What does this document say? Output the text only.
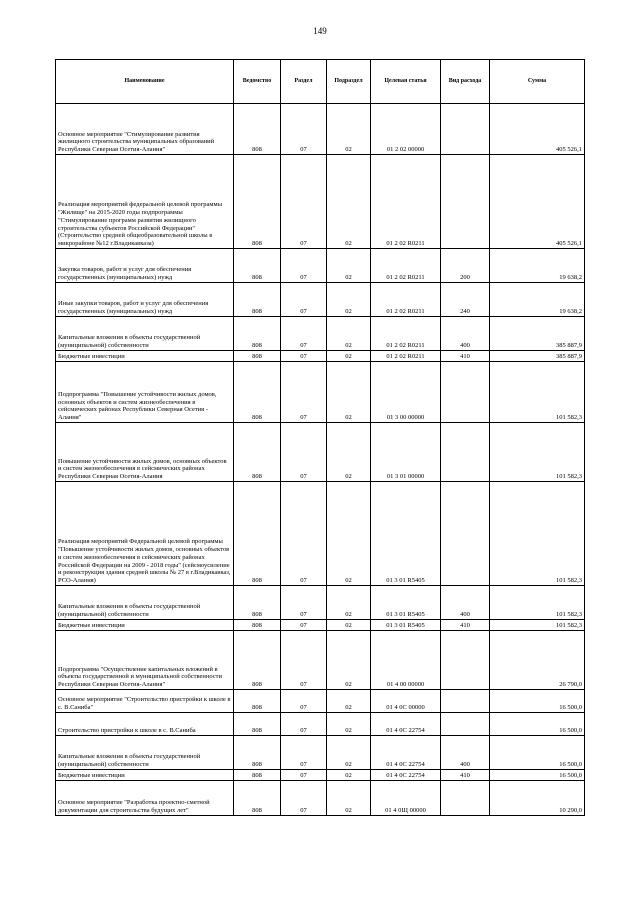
149
Наименование	Ведомство	Раздел	Подраздел	Целевая статья	Вид расхода	Сумма
Основное мероприятие "Стимулирование развития жилищного строительства муниципальных образований Республики Северная Осетия-Алания"	808	07	02	01 2 02 00000		405 526,1
Реализация мероприятий федеральной целевой программы "Жилище" на 2015-2020 годы подпрограммы "Стимулирование программ развития жилищного строительства субъектов Российской Федерации" (Строительство средней общеобразовательной школы в микрорайоне №12 г.Владикавказа)	808	07	02	01 2 02 R0211		405 526,1
Закупка товаров, работ и услуг для обеспечения государственных (муниципальных) нужд	808	07	02	01 2 02 R0211	200	19 638,2
Иные закупки товаров, работ и услуг для обеспечения государственных (муниципальных) нужд	808	07	02	01 2 02 R0211	240	19 638,2
Капитальные вложения в объекты государственной (муниципальной) собственности	808	07	02	01 2 02 R0211	400	385 887,9
Бюджетные инвестиции	808	07	02	01 2 02 R0211	410	385 887,9
Подпрограмма "Повышение устойчивости жилых домов, основных объектов и систем жизнеобеспечения в сейсмических районах Республики Северная Осетия - Алания"	808	07	02	01 3 00 00000		101 582,3
Повышение устойчивости жилых домов, основных объектов и систем жизнеобеспечения в сейсмических районах Республики Северная Осетия-Алания	808	07	02	01 3 01 00000		101 582,3
Реализация мероприятий Федеральной целевой программы "Повышение устойчивости жилых домов, основных объектов и систем жизнеобеспечения в сейсмических районах Российской Федерации на 2009 - 2018 годы" (сейсмоусиление и реконструкция здания средней школы № 27 в г.Владикавказ, РСО-Алания)	808	07	02	01 3 01 R5405		101 582,3
Капитальные вложения в объекты государственной (муниципальной) собственности	808	07	02	01 3 01 R5405	400	101 582,3
Бюджетные инвестиции	808	07	02	01 3 01 R5405	410	101 582,3
Подпрограмма "Осуществление капитальных вложений в объекты государственной и муниципальной собственности Республики Северная Осетия-Алания"	808	07	02	01 4 00 00000		26 790,0
Основное мероприятие "Строительство пристройки к школе в с. В.Саниба"	808	07	02	01 4 0С 00000		16 500,0
Строительство пристройки к школе в с. В.Саниба	808	07	02	01 4 0С 22754		16 500,0
Капитальные вложения в объекты государственной (муниципальной) собственности	808	07	02	01 4 0С 22754	400	16 500,0
Бюджетные инвестиции	808	07	02	01 4 0С 22754	410	16 500,0
Основное мероприятие "Разработка проектно-сметной документации для строительства будущих лет"	808	07	02	01 4 0Щ 00000		10 290,0
